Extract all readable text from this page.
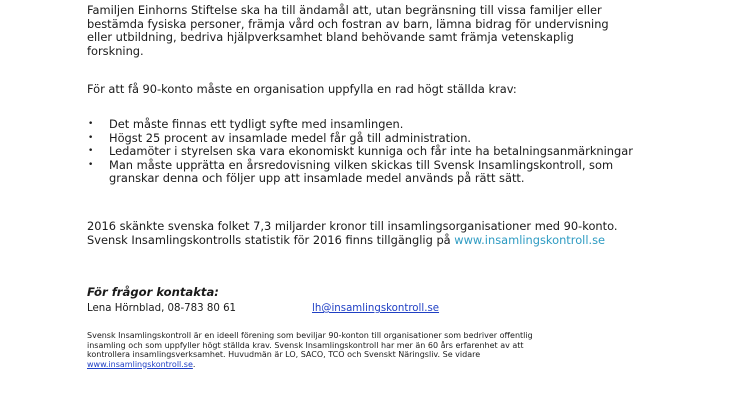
Familjen Einhorns Stiftelse ska ha till ändamål att, utan begränsning till vissa familjer eller
bestämda fysiska personer, främja vård och fostran av barn, lämna bidrag för undervisning
eller utbildning, bedriva hjälpverksamhet bland behövande samt främja vetenskaplig
forskning.
För att få 90-konto måste en organisation uppfylla en rad högt ställda krav:
• Det måste finnas ett tydligt syfte med insamlingen.
• Högst 25 procent av insamlade medel får gå till administration.
• Ledamöter i styrelsen ska vara ekonomiskt kunniga och får inte ha betalningsanmärkningar
• Man måste upprätta en årsredovisning vilken skickas till Svensk Insamlingskontroll, som
granskar denna och följer upp att insamlade medel används på rätt sätt.
2016 skänkte svenska folket 7,3 miljarder kronor till insamlingsorganisationer med 90-konto.
Svensk Insamlingskontrolls statistik för 2016 finns tillgänglig på www.insamlingskontroll.se
För frågor kontakta:
Lena Hörnblad, 08-783 80 61	lh@insamlingskontroll.se
Svensk Insamlingskontroll är en ideell förening som beviljar 90-konton till organisationer som bedriver offentlig
insamling och som uppfyller högt ställda krav. Svensk Insamlingskontroll har mer än 60 års erfarenhet av att
kontrollera insamlingsverksamhet. Huvudmän är LO, SACO, TCO och Svenskt Näringsliv. Se vidare
www.insamlingskontroll.se.
